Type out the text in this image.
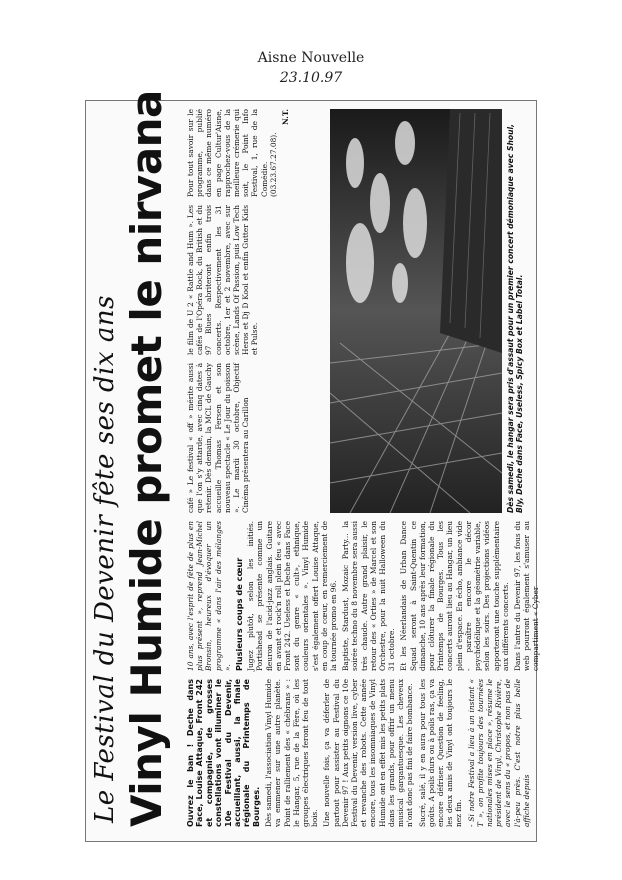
Aisne Nouvelle
23.10.97
Le Festival du Devenir fête ses dix ans Vinyl Humide promet le nirvana Ouvrez le ban ! Deche dans Face, Louise Attaque, Front 242 et compagnie, de grosses constellations vont illuminer le 10e Festival du Devenir, accueillant, aussi, la finale régionale du Printemps de Bourges. Dès samedi, l'association Vinyl Humide va emmener sur une autre planète. Point de ralliement des « chébrans » : le Hangar, 5, rue de la Fère, où les groupes électriques feront feu de tout bois. Une nouvelle fois, ça va déferler de partout pour assister au Festival du Devenir 97 ! Aux petits oignons ce 10e Festival du Devenir, version live, cyber et revanche des robots. Cette année encore, tous les insomniaques de Vinyl Humide ont en effet mis les petits plats dans les grands, pour offrir un menu musical gargantuesque. Les cheveux n'ont donc pas fini de faire bombance. Sucré, salé, il y en aura pour tous les goûts. A poils durs ou à poils ras, ça va encore défriser. Question de feeling, les deux amis de Vinyl ont toujours le nez fin. - Si notre Festival a lieu à un instant « T », on profite toujours des tournées nationales mises en place », résume le président de Vinyl, Christophe Rivière, avec le sens du « propos, et non pas de l'à-peu près. C'est notre plus belle affiche depuis

10 ans, avec l'esprit de fête de plus en plus présent », reprend Jean-Michel Bronsin, heureux d'évoquer un programme « dans l'air des mélanges ». Plusieurs coups de cœur Jugez plutôt, selon les initiés. Portishead se présente comme un fleuron de l'acid-jazz anglais. Guitare en avant et rock'n roll plein feu « avec Front 242. Useless et Deche dans Face sont du genre « cult», ethnique, couleurs orientales ». Vinyl Humide s'est également offert Louise Attaque, en coup de cœur, en remerciement de la tournée promo en 96. Baptiste, Stardust, Mozaic Party... la soirée techno du 8 novembre sera aussi très chaude. Autre grand plaisir, le retour des « Orties » de Marcel et son Orchestre, pour la nuit Halloween du 31 octobre. Et les Néerlandais de Urban Dance Squad seront à Saint-Quentin ce dimanche, 10 ans après leur formation, pour clôturer la finale régionale du Printemps de Bourges. Tous les concerts auront lieu au Hangar, un lieu plein d'espace. En écho, ambiance vide - paraître encore le décor psychédélique et la géométrie variable, selon les soirs. Des projections vidéos apporteront une touche supplémentaire aux différents concerts. Dans l'antre du Devenir 97, les fous du web pourront également s'amuser au compartiment « Cyber

café » Le festival « off » mérite aussi que l'on s'y attarde, avec cinq dates à retenir. Dès demain, la MCL de Gauchy accueille Thomas Fersen et son nouveau spectacle « Le Jour du poisson ». Le mardi 30 octobre, Objectif Cinéma présentera au Carillon

le film de U 2 « Rattle and Hum ». Les cafés de l'Opéra Rock, du British et du 97 Blues abriteront enfin trois concerts. Respectivement les 31 octobre, 1er et 2 novembre, avec sur scène, Lands Of Passion, puis Low Tech Heros et Dj D Kool et enfin Gutter Kids et Pulse.

Pour tout savoir sur le programme, publié dans ce même numéro en page Cultur'Aisne, rapprochez-vous de la meilleure crémerie qui soit, le Point Info Festival, 1, rue de la Comédie. (03.23.67.27.08).

N.T.

Dès samedi, le hangar sera pris d'assaut pour un premier concert démoniaque avec Shoul, Bly, Deche dans Face, Useless, Spicy Box et Label Total.
